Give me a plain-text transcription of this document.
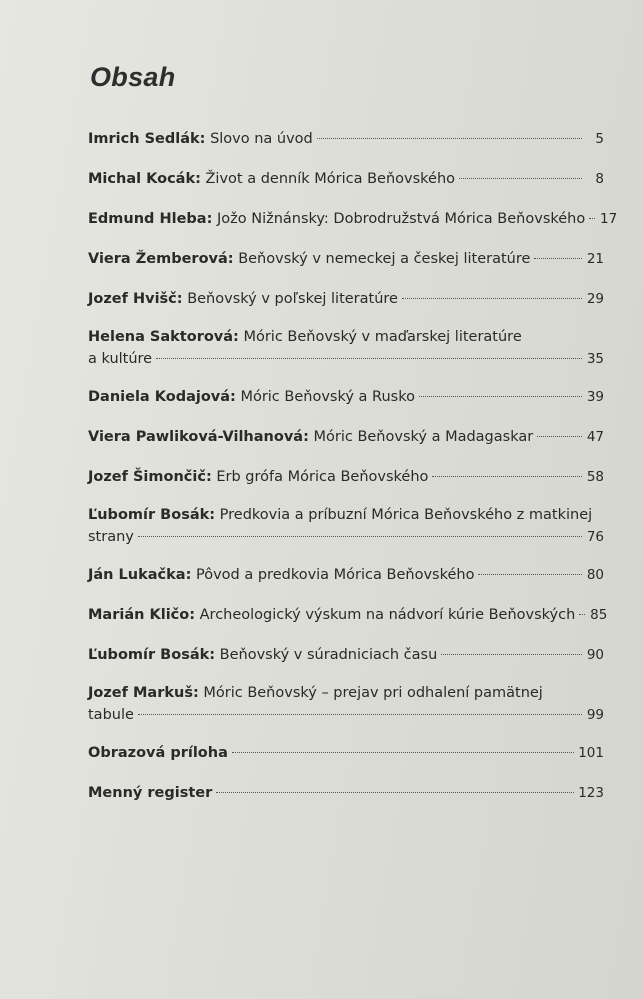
Obsah
Imrich Sedlák:
Slovo na úvod	5
Michal Kocák:
Život a denník Mórica Beňovského	8
Edmund Hleba:
Jožo Nižnánsky: Dobrodružstvá Mórica Beňovského 17
Viera Žemberová:
Beňovský v nemeckej a českej literatúre	21
Jozef Hvišč:
Beňovský v poľskej literatúre	29
Helena Saktorová:
Móric Beňovský v maďarskej literatúre
a kultúre	35
Daniela Kodajová:
Móric Beňovský a Rusko	39
Viera Pawliková-Vilhanová:
Móric Beňovský a Madagaskar	47
Jozef Šimončič:
Erb grófa Mórica Beňovského	58
Ľubomír Bosák:
Predkovia a príbuzní Mórica Beňovského z matkinej
strany	76
Ján Lukačka:
Pôvod a predkovia Mórica Beňovského	80
Marián Kličo:
Archeologický výskum na nádvorí kúrie Beňovských 85
Ľubomír Bosák:
Beňovský v súradniciach času	90
Jozef Markuš:
Móric Beňovský – prejav pri odhalení pamätnej
tabule	99
Obrazová príloha	101
Menný register	123
